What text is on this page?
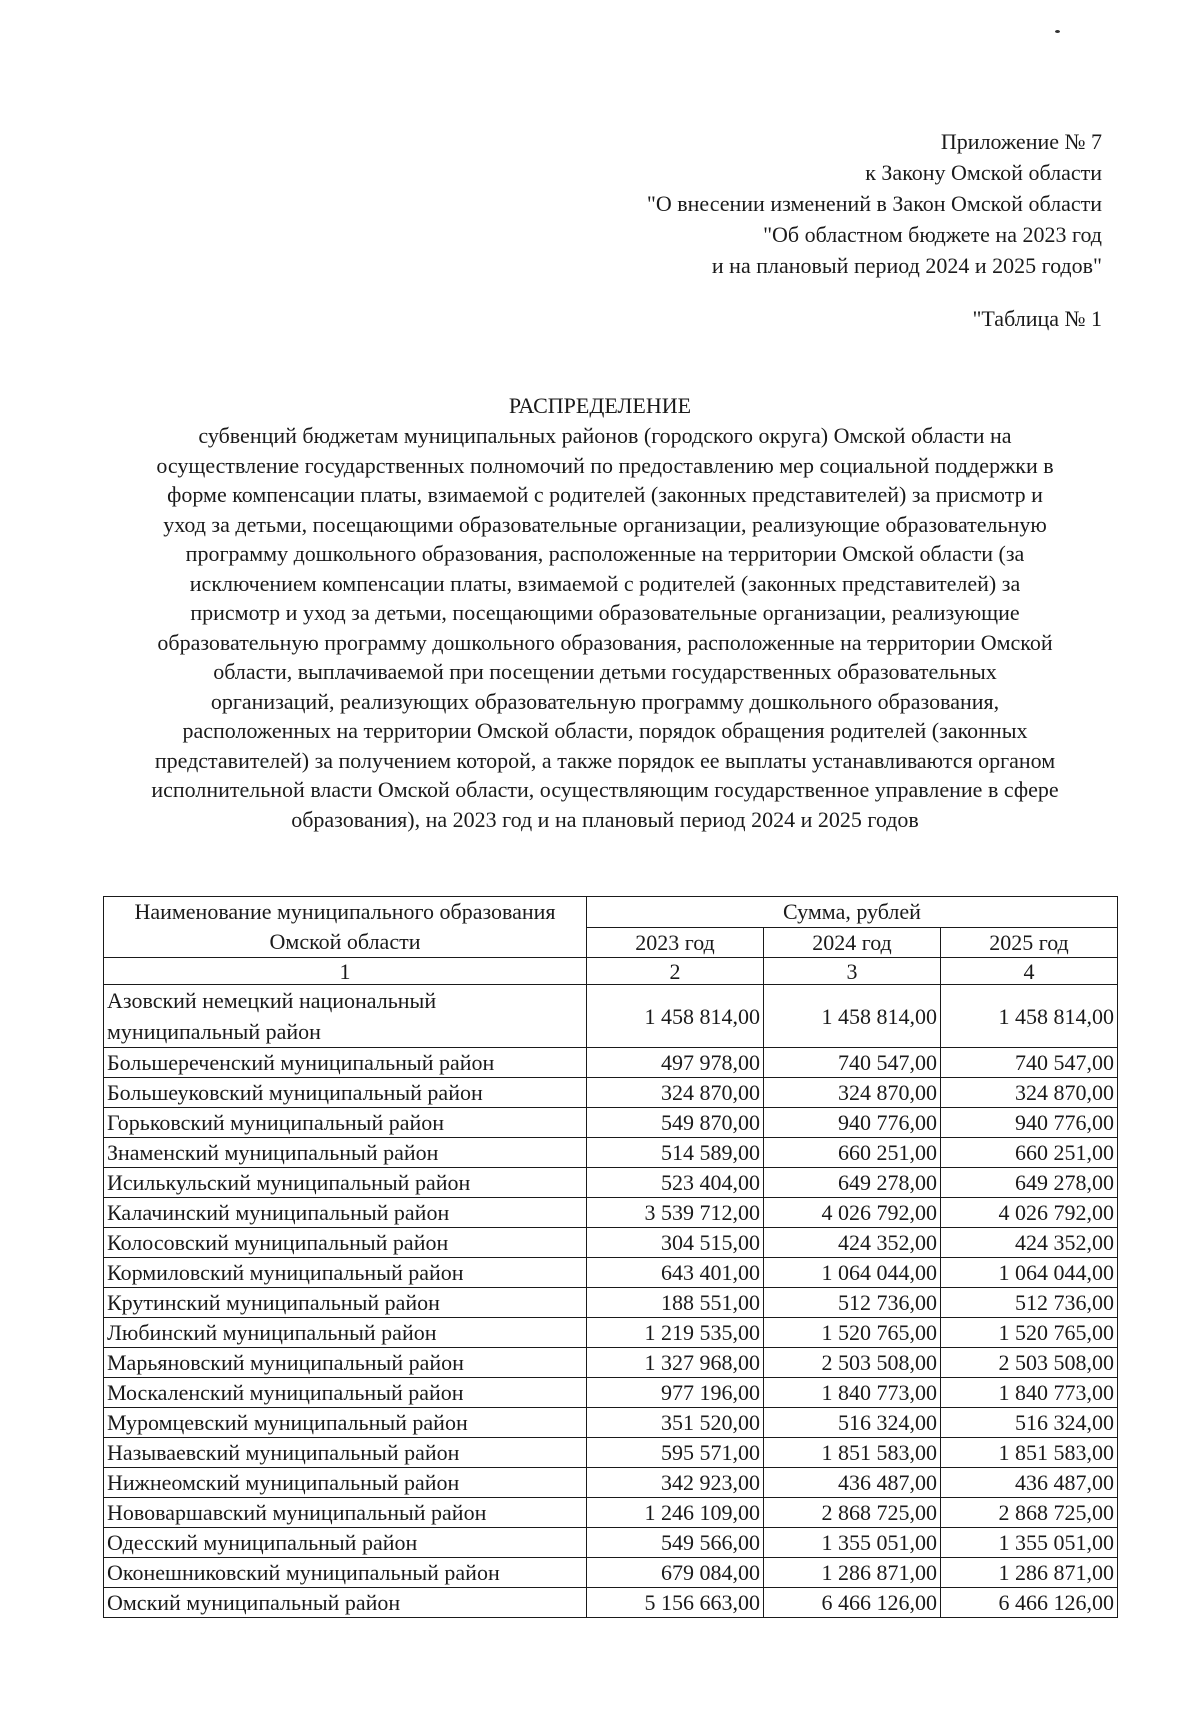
Приложение № 7
к Закону Омской области
"О внесении изменений в Закон Омской области
"Об областном бюджете на 2023 год
и на плановый период 2024 и 2025 годов"
"Таблица № 1
РАСПРЕДЕЛЕНИЕ
субвенций бюджетам муниципальных районов (городского округа) Омской области на
осуществление государственных полномочий по предоставлению мер социальной поддержки в
форме компенсации платы, взимаемой с родителей (законных представителей) за присмотр и
уход за детьми, посещающими образовательные организации, реализующие образовательную
программу дошкольного образования, расположенные на территории Омской области (за
исключением компенсации платы, взимаемой с родителей (законных представителей) за
присмотр и уход за детьми, посещающими образовательные организации, реализующие
образовательную программу дошкольного образования, расположенные на территории Омской
области, выплачиваемой при посещении детьми государственных образовательных
организаций, реализующих образовательную программу дошкольного образования,
расположенных на территории Омской области, порядок обращения родителей (законных
представителей) за получением которой, а также порядок ее выплаты устанавливаются органом
исполнительной власти Омской области, осуществляющим государственное управление в сфере
образования), на 2023 год и на плановый период 2024 и 2025 годов
Наименование муниципального образования Омской области	Сумма, рублей		
	2023 год	2024 год	2025 год
1	2	3	4
Азовский немецкий национальный муниципальный район	1 458 814,00	1 458 814,00	1 458 814,00
Большереченский муниципальный район	497 978,00	740 547,00	740 547,00
Большеуковский муниципальный район	324 870,00	324 870,00	324 870,00
Горьковский муниципальный район	549 870,00	940 776,00	940 776,00
Знаменский муниципальный район	514 589,00	660 251,00	660 251,00
Исилькульский муниципальный район	523 404,00	649 278,00	649 278,00
Калачинский муниципальный район	3 539 712,00	4 026 792,00	4 026 792,00
Колосовский муниципальный район	304 515,00	424 352,00	424 352,00
Кормиловский муниципальный район	643 401,00	1 064 044,00	1 064 044,00
Крутинский муниципальный район	188 551,00	512 736,00	512 736,00
Любинский муниципальный район	1 219 535,00	1 520 765,00	1 520 765,00
Марьяновский муниципальный район	1 327 968,00	2 503 508,00	2 503 508,00
Москаленский муниципальный район	977 196,00	1 840 773,00	1 840 773,00
Муромцевский муниципальный район	351 520,00	516 324,00	516 324,00
Называевский муниципальный район	595 571,00	1 851 583,00	1 851 583,00
Нижнеомский муниципальный район	342 923,00	436 487,00	436 487,00
Нововаршавский муниципальный район	1 246 109,00	2 868 725,00	2 868 725,00
Одесский муниципальный район	549 566,00	1 355 051,00	1 355 051,00
Оконешниковский муниципальный район	679 084,00	1 286 871,00	1 286 871,00
Омский муниципальный район	5 156 663,00	6 466 126,00	6 466 126,00
